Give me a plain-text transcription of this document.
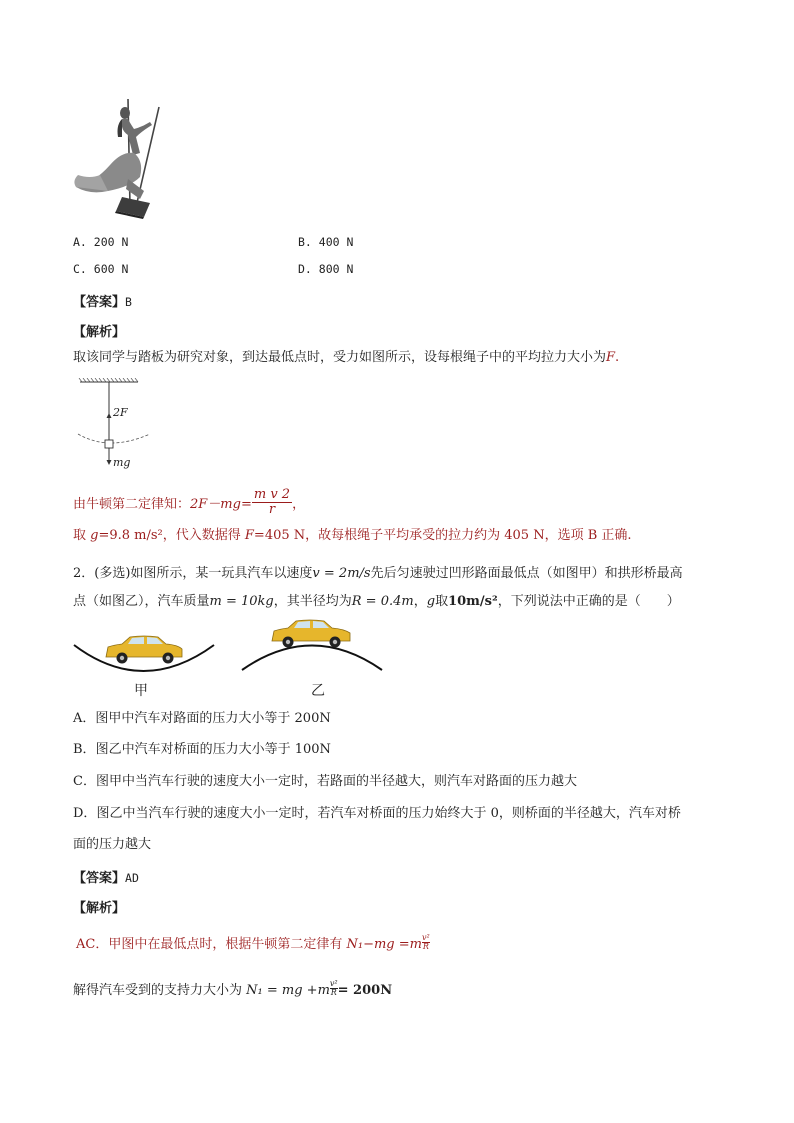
A. 200 N	B. 400 N
C. 600 N	D. 800 N
【答案】B
【解析】
取该同学与踏板为研究对象，到达最低点时，受力如图所示，设每根绳子中的平均拉力大小为F.
2F
mg
由牛顿第二定律知：$2F-mg= \frac{\text{m v 2}}{r}$ ，
取 g=9.8 m/s²，代入数据得 F=405 N，故每根绳子平均承受的拉力约为 405 N，选项 B 正确.
2．(多选)如图所示，某一玩具汽车以速度v = 2m/s先后匀速驶过凹形路面最低点（如图甲）和拱形桥最高
点（如图乙），汽车质量m = 10kg，其半径均为R = 0.4m，g取10m/s²，下列说法中正确的是（　　）
甲	乙
A．图甲中汽车对路面的压力大小等于 200N
B．图乙中汽车对桥面的压力大小等于 100N
C．图甲中当汽车行驶的速度大小一定时，若路面的半径越大，则汽车对路面的压力越大
D．图乙中当汽车行驶的速度大小一定时，若汽车对桥面的压力始终大于 0，则桥面的半径越大，汽车对桥
面的压力越大
【答案】AD
【解析】
AC．甲图中在最低点时，根据牛顿第二定律有 $N_1-mg =m \frac{\text{v²}}{R}$
解得汽车受到的支持力大小为 N₁ = mg $+m \frac{\text{v²}}{R} = 200N$
